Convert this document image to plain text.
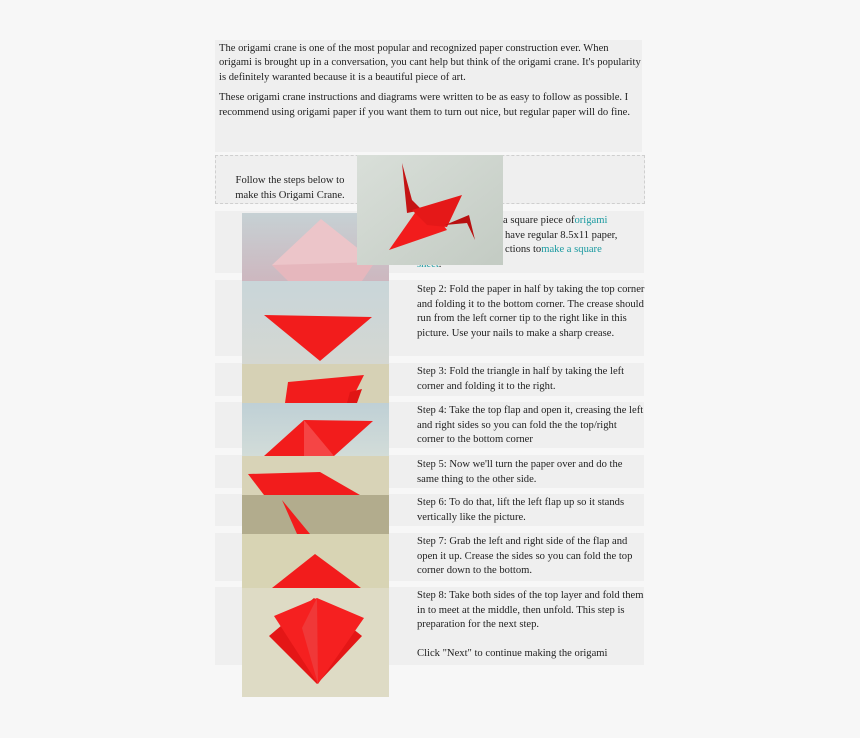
The origami crane is one of the most popular and recognized paper construction ever. When origami is brought up in a conversation, you cant help but think of the origami crane. It's popularity is definitely waranted because it is a beautiful piece of art.

These origami crane instructions and diagrams were written to be as easy to follow as possible. I recommend using origami paper if you want them to turn out nice, but regular paper will do fine.

Follow the steps below to make this Origami Crane.
a square piece oforigami
have regular 8.5x11 paper,
ctions tomake a square
Step 2: Fold the paper in half by taking the top corner and folding it to the bottom corner. The crease should run from the left corner tip to the right like in this picture. Use your nails to make a sharp crease.
Step 3: Fold the triangle in half by taking the left corner and folding it to the right.
Step 4: Take the top flap and open it, creasing the left and right sides so you can fold the the top/right corner to the bottom corner
Step 5: Now we'll turn the paper over and do the same thing to the other side.
Step 6: To do that, lift the left flap up so it stands vertically like the picture.
Step 7: Grab the left and right side of the flap and open it up. Crease the sides so you can fold the top corner down to the bottom.
Step 8: Take both sides of the top layer and fold them in to meet at the middle, then unfold. This step is preparation for the next step.
Click "Next" to continue making the origami
